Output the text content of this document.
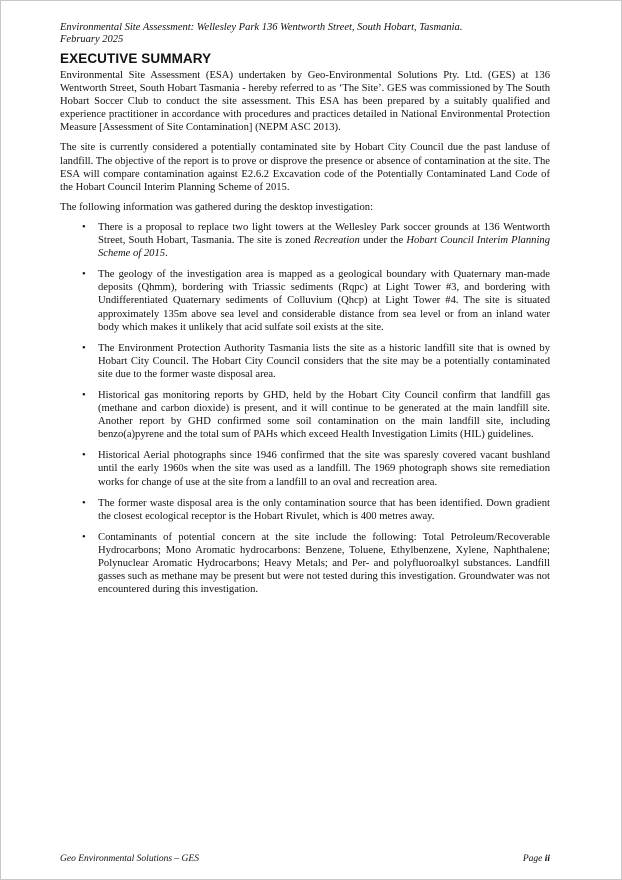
Environmental Site Assessment: Wellesley Park 136 Wentworth Street, South Hobart, Tasmania.
February 2025
EXECUTIVE SUMMARY

Environmental Site Assessment (ESA) undertaken by Geo-Environmental Solutions Pty. Ltd. (GES) at 136 Wentworth Street, South Hobart Tasmania - hereby referred to as ‘The Site’. GES was commissioned by The South Hobart Soccer Club to conduct the site assessment. This ESA has been prepared by a suitably qualified and experience practitioner in accordance with procedures and practices detailed in National Environmental Protection Measure [Assessment of Site Contamination] (NEPM ASC 2013).

The site is currently considered a potentially contaminated site by Hobart City Council due the past landuse of landfill. The objective of the report is to prove or disprove the presence or absence of contamination at the site. The ESA will compare contamination against E2.6.2 Excavation code of the Potentially Contaminated Land Code of the Hobart Council Interim Planning Scheme of 2015.

The following information was gathered during the desktop investigation:

• There is a proposal to replace two light towers at the Wellesley Park soccer grounds at 136 Wentworth Street, South Hobart, Tasmania. The site is zoned Recreation under the Hobart Council Interim Planning Scheme of 2015.
• The geology of the investigation area is mapped as a geological boundary with Quaternary man-made deposits (Qhmm), bordering with Triassic sediments (Rqpc) at Light Tower #3, and bordering with Undifferentiated Quaternary sediments of Colluvium (Qhcp) at Light Tower #4. The site is situated approximately 135m above sea level and considerable distance from sea level or from an inland water body which makes it unlikely that acid sulfate soil exists at the site.
• The Environment Protection Authority Tasmania lists the site as a historic landfill site that is owned by Hobart City Council. The Hobart City Council considers that the site may be a potentially contaminated site due to the former waste disposal area.
• Historical gas monitoring reports by GHD, held by the Hobart City Council confirm that landfill gas (methane and carbon dioxide) is present, and it will continue to be generated at the main landfill site. Another report by GHD confirmed some soil contamination on the main landfill site, including benzo(a)pyrene and the total sum of PAHs which exceed Health Investigation Limits (HIL) guidelines.
• Historical Aerial photographs since 1946 confirmed that the site was sparesly covered vacant bushland until the early 1960s when the site was used as a landfill. The 1969 photograph shows site remediation works for change of use at the site from a landfill to an oval and recreation area.
• The former waste disposal area is the only contamination source that has been identified. Down gradient the closest ecological receptor is the Hobart Rivulet, which is 400 metres away.
• Contaminants of potential concern at the site include the following: Total Petroleum/Recoverable Hydrocarbons; Mono Aromatic hydrocarbons: Benzene, Toluene, Ethylbenzene, Xylene, Naphthalene; Polynuclear Aromatic Hydrocarbons; Heavy Metals; and Per- and polyfluoroalkyl substances. Landfill gasses such as methane may be present but were not tested during this investigation. Groundwater was not encountered during this investigation.
Geo Environmental Solutions – GES	Page ii
